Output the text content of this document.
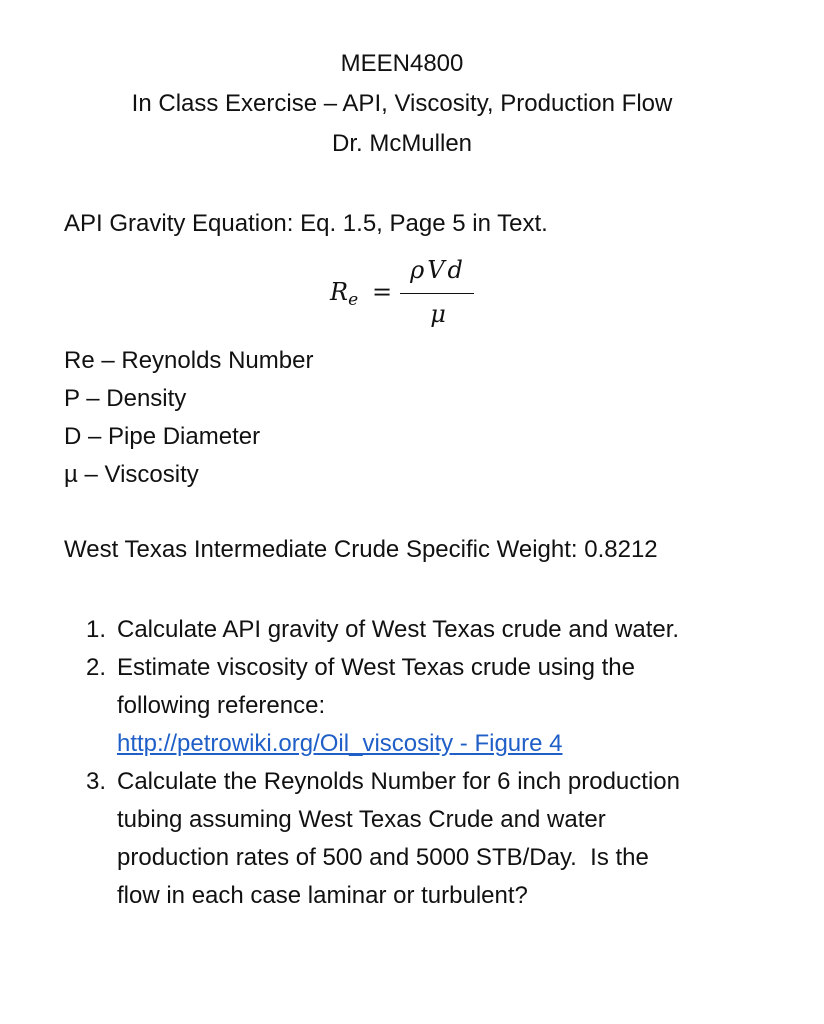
MEEN4800
In Class Exercise – API, Viscosity, Production Flow
Dr. McMullen
API Gravity Equation: Eq. 1.5, Page 5 in Text.
$R_e$ =
ρVd
μ
Re – Reynolds Number
P – Density
D – Pipe Diameter
µ – Viscosity
West Texas Intermediate Crude Specific Weight: 0.8212
1. Calculate API gravity of West Texas crude and water.
2. Estimate viscosity of West Texas crude using the
following reference:
http://petrowiki.org/Oil_viscosity - Figure 4
3. Calculate the Reynolds Number for 6 inch production
tubing assuming West Texas Crude and water
production rates of 500 and 5000 STB/Day.  Is the
flow in each case laminar or turbulent?
